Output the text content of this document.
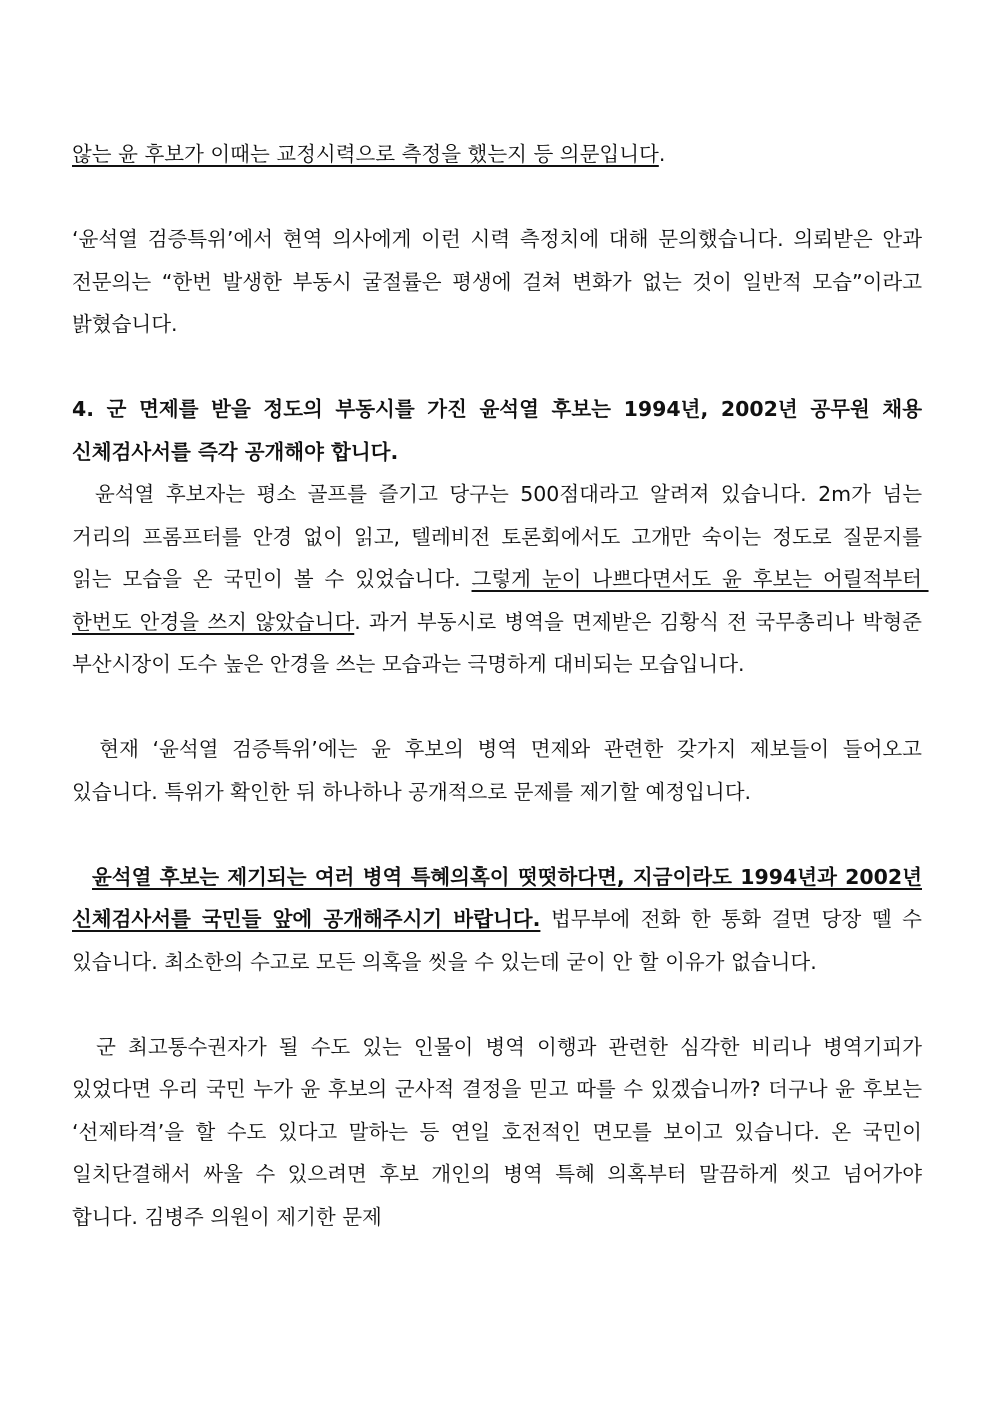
않는 윤 후보가 이때는 교정시력으로 측정을 했는지 등 의문입니다.

‘윤석열 검증특위’에서 현역 의사에게 이런 시력 측정치에 대해 문의했습니다. 의뢰받은 안과 전문의는 “한번 발생한 부동시 굴절률은 평생에 걸쳐 변화가 없는 것이 일반적 모습”이라고 밝혔습니다.

4. 군 면제를 받을 정도의 부동시를 가진 윤석열 후보는 1994년, 2002년 공무원 채용 신체검사서를 즉각 공개해야 합니다.

윤석열 후보자는 평소 골프를 즐기고 당구는 500점대라고 알려져 있습니다. 2m가 넘는 거리의 프롬프터를 안경 없이 읽고, 텔레비전 토론회에서도 고개만 숙이는 정도로 질문지를 읽는 모습을 온 국민이 볼 수 있었습니다. 그렇게 눈이 나쁘다면서도 윤 후보는 어릴적부터 한번도 안경을 쓰지 않았습니다. 과거 부동시로 병역을 면제받은 김황식 전 국무총리나 박형준 부산시장이 도수 높은 안경을 쓰는 모습과는 극명하게 대비되는 모습입니다.

현재 ‘윤석열 검증특위’에는 윤 후보의 병역 면제와 관련한 갖가지 제보들이 들어오고 있습니다. 특위가 확인한 뒤 하나하나 공개적으로 문제를 제기할 예정입니다.

윤석열 후보는 제기되는 여러 병역 특혜의혹이 떳떳하다면, 지금이라도 1994년과 2002년 신체검사서를 국민들 앞에 공개해주시기 바랍니다. 법무부에 전화 한 통화 걸면 당장 뗄 수 있습니다. 최소한의 수고로 모든 의혹을 씻을 수 있는데 굳이 안 할 이유가 없습니다.

군 최고통수권자가 될 수도 있는 인물이 병역 이행과 관련한 심각한 비리나 병역기피가 있었다면 우리 국민 누가 윤 후보의 군사적 결정을 믿고 따를 수 있겠습니까? 더구나 윤 후보는 ‘선제타격’을 할 수도 있다고 말하는 등 연일 호전적인 면모를 보이고 있습니다. 온 국민이 일치단결해서 싸울 수 있으려면 후보 개인의 병역 특혜 의혹부터 말끔하게 씻고 넘어가야 합니다. 김병주 의원이 제기한 문제
